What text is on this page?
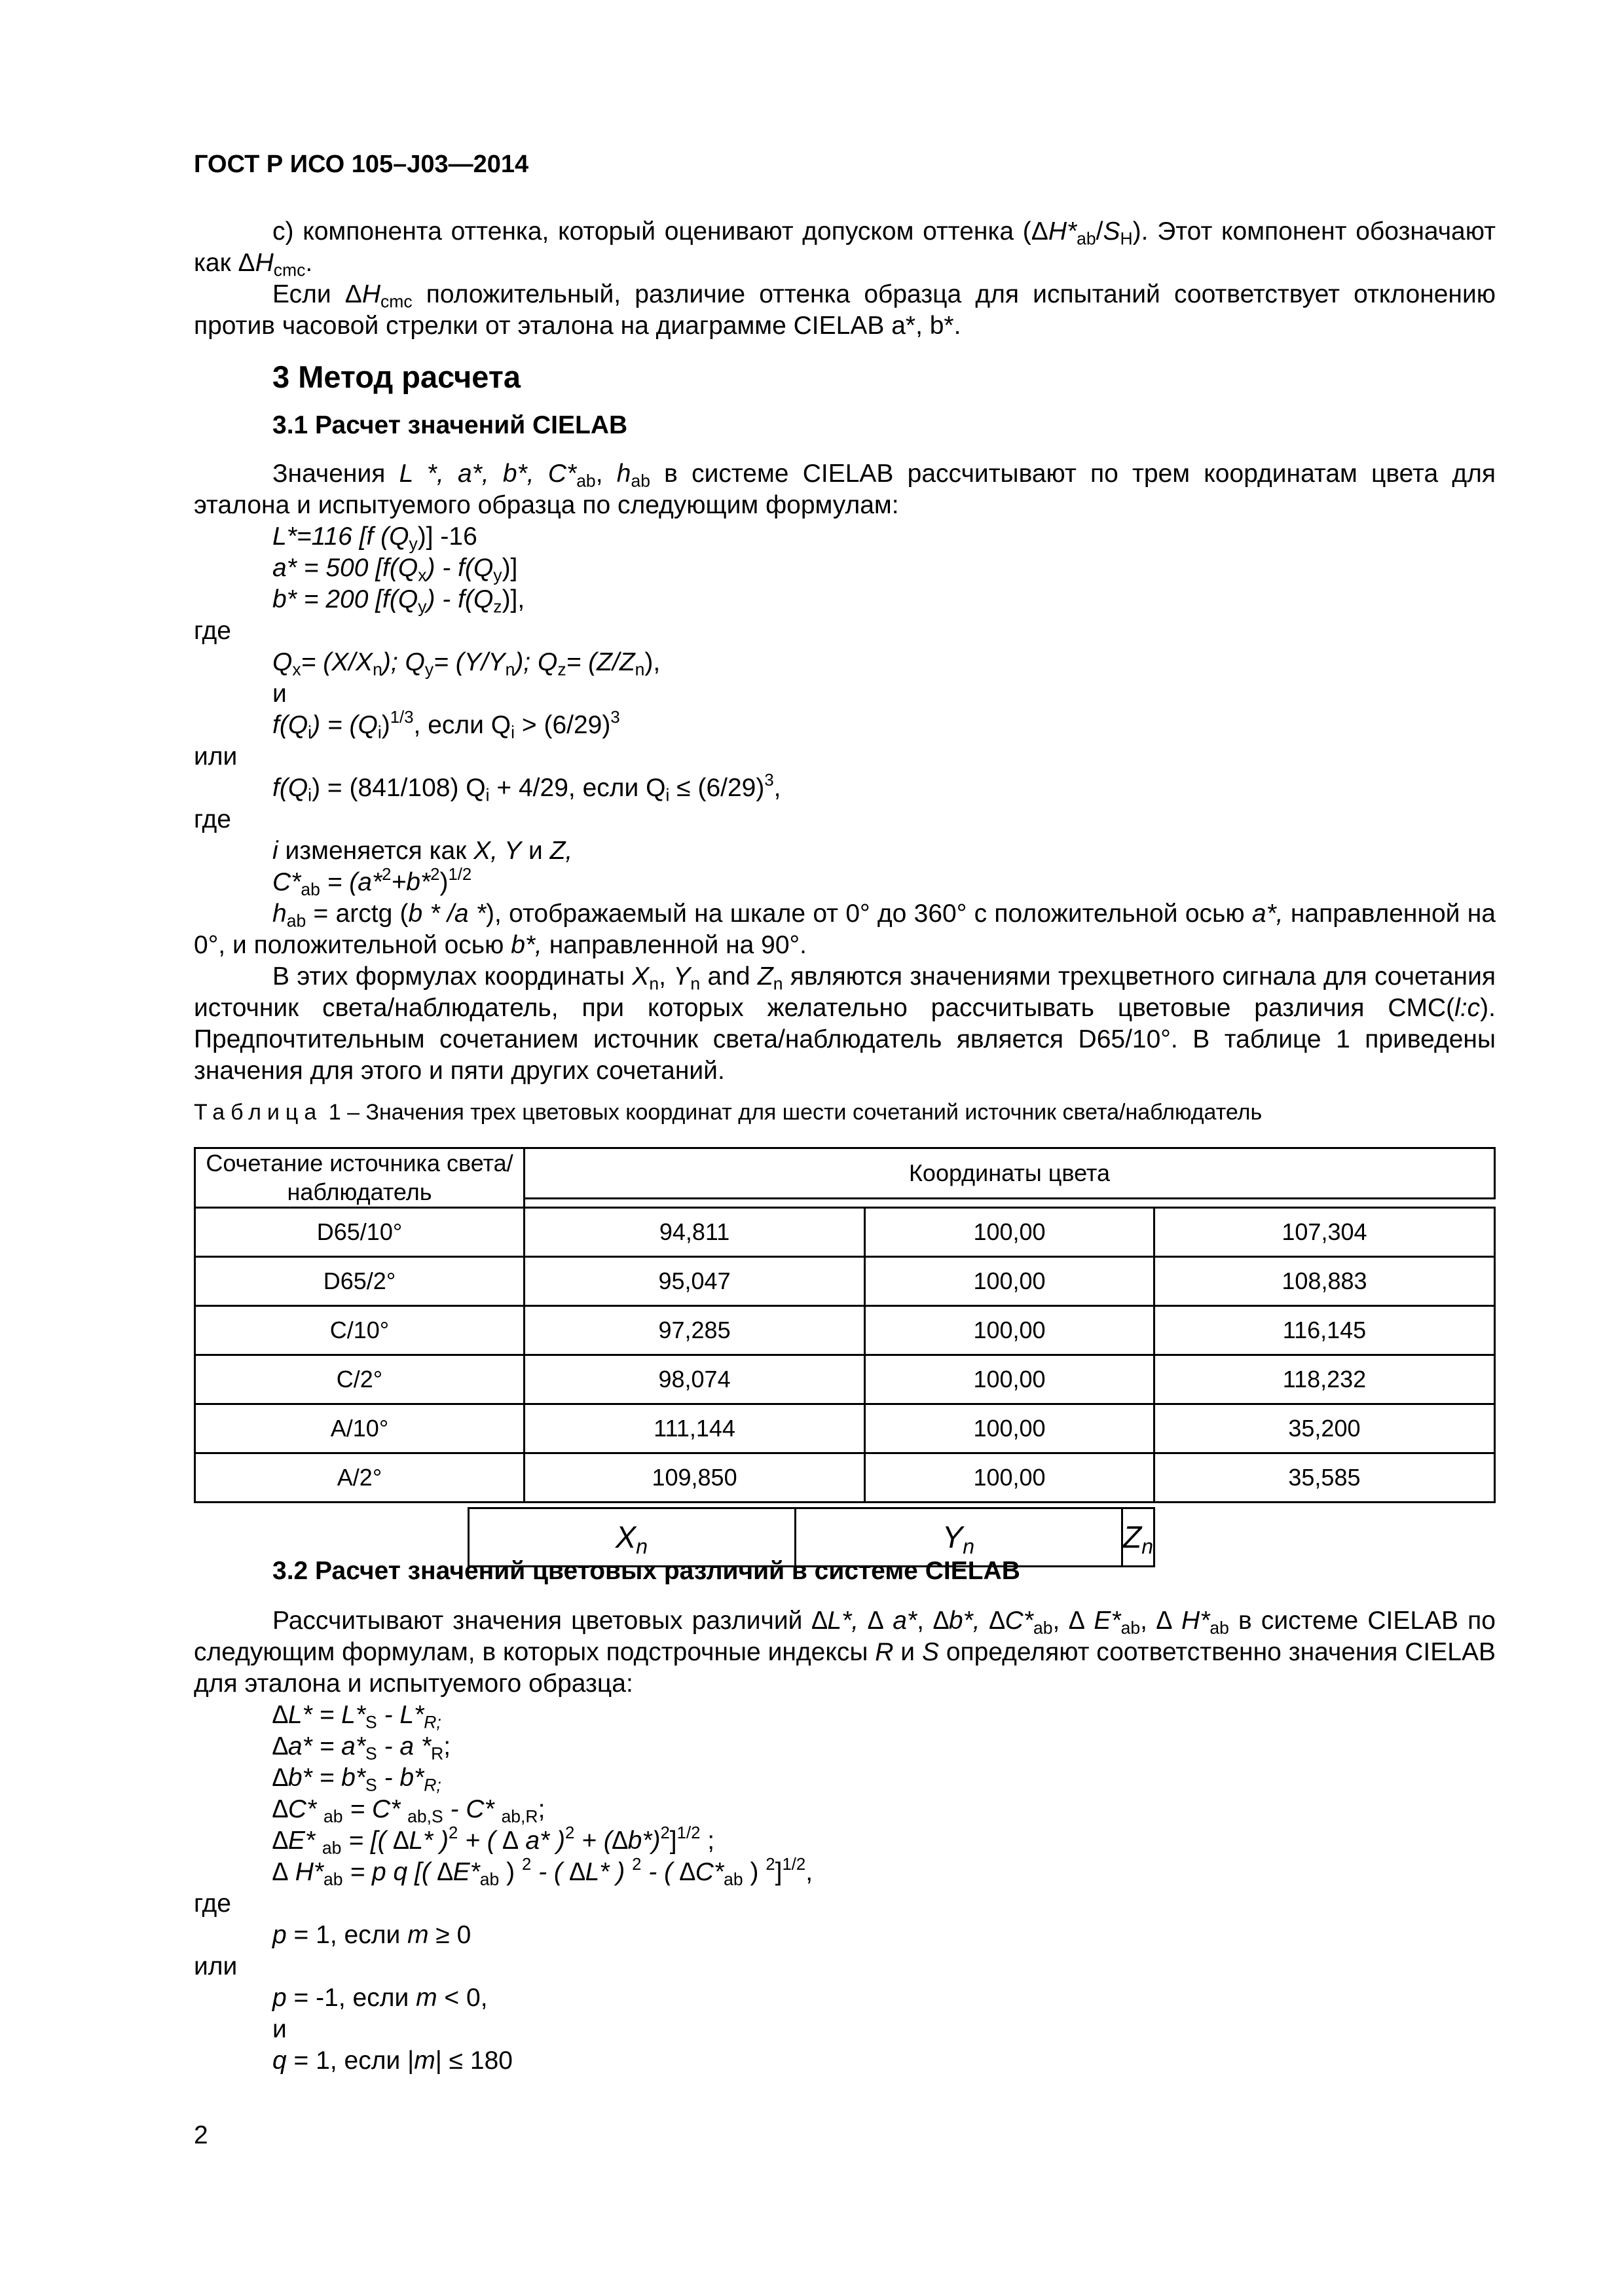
ГОСТ Р ИСО 105–J03—2014

c) компонента оттенка, который оценивают допуском оттенка $(\Delta H*_{ab}/S_H)$. Этот компонент обозначают как $\Delta H_{cmc}$.

Если $\Delta H_{cmc}$ положительный, различие оттенка образца для испытаний соответствует отклонению против часовой стрелки от эталона на диаграмме CIELAB a*, b*.

3 Метод расчета
3.1 Расчет значений CIELAB

Значения L *, a*, b*, $C*_{ab}$, $h_{ab}$ в системе CIELAB рассчитывают по трем координатам цвета для эталона и испытуемого образца по следующим формулам:

L*=116 [f $(Q_y)$] -16

a* = 500 $[f(Q_x) - f(Q_y)]$

b* = 200 $[f(Q_y) - f(Q_z)]$,

где

$Q_x= (X/X_n)$; $Q_y= (Y/Y_n)$; $Q_z= (Z/Z_n)$,

и

$f(Q_i) = (Q_i)^{1/3}$, если $Q_i > (6/29)^3$

или

$f(Q_i) = (841/108) Q_i + 4/29$, если $Q_i \le (6/29)^3$,

где

i изменяется как X, Y и Z,

$C*_{ab} = (a*^2+b*^2)^{1/2}$

$h_{ab}$ = arctg (b * /a *), отображаемый на шкале от 0° до 360° с положительной осью a*, направленной на 0°, и положительной осью b*, направленной на 90°.

В этих формулах координаты $X_n$, $Y_n$ and $Z_n$ являются значениями трехцветного сигнала для сочетания источник света/наблюдатель, при которых желательно рассчитывать цветовые различия CMC(l:c). Предпочтительным сочетанием источник света/наблюдатель является D65/10°. В таблице 1 приведены значения для этого и пяти других сочетаний.

Таблица 1 – Значения трех цветовых координат для шести сочетаний источник света/наблюдатель
Сочетание источника света/наблюдатель	Координаты цвета

$X_n$	$Y_n$	$Z_n$
D65/10°	94,811	100,00	107,304
D65/2°	95,047	100,00	108,883
C/10°	97,285	100,00	116,145
C/2°	98,074	100,00	118,232
A/10°	111,144	100,00	35,200
A/2°	109,850	100,00	35,585
3.2 Расчет значений цветовых различий в системе CIELAB

Рассчитывают значения цветовых различий ∆L*, ∆ a*, ∆b*, $\Delta C*_{ab}$, ∆ $E*_{ab}$, ∆ $H*_{ab}$ в системе CIELAB по следующим формулам, в которых подстрочные индексы R и S определяют соответственно значения CIELAB для эталона и испытуемого образца:

$\Delta L* = L*_S - L*_{R;}$

$\Delta a* = a*_S - a$ $*_R$;

$\Delta b* = b*_S - b*_{R;}$

∆C* $_{ab}$ = C* $_{ab,S}$ - C* $_{ab,R}$;

∆E* $_{ab}$ = [( ∆L* )$^2$ + ( ∆ a* )$^2 + (\Delta b*)^2]^{1/2}$ ;

∆ $H*_{ab} = p$ q [( $\Delta E*_{ab}$ ) $^2$ - ( ∆L* ) $^2$ - ( $\Delta C*_{ab}$ ) $^2$]$^{1/2}$,

где

p = 1, если m ≥ 0

или

p = -1, если m < 0,

и

q = 1, если |m| ≤ 180

2
